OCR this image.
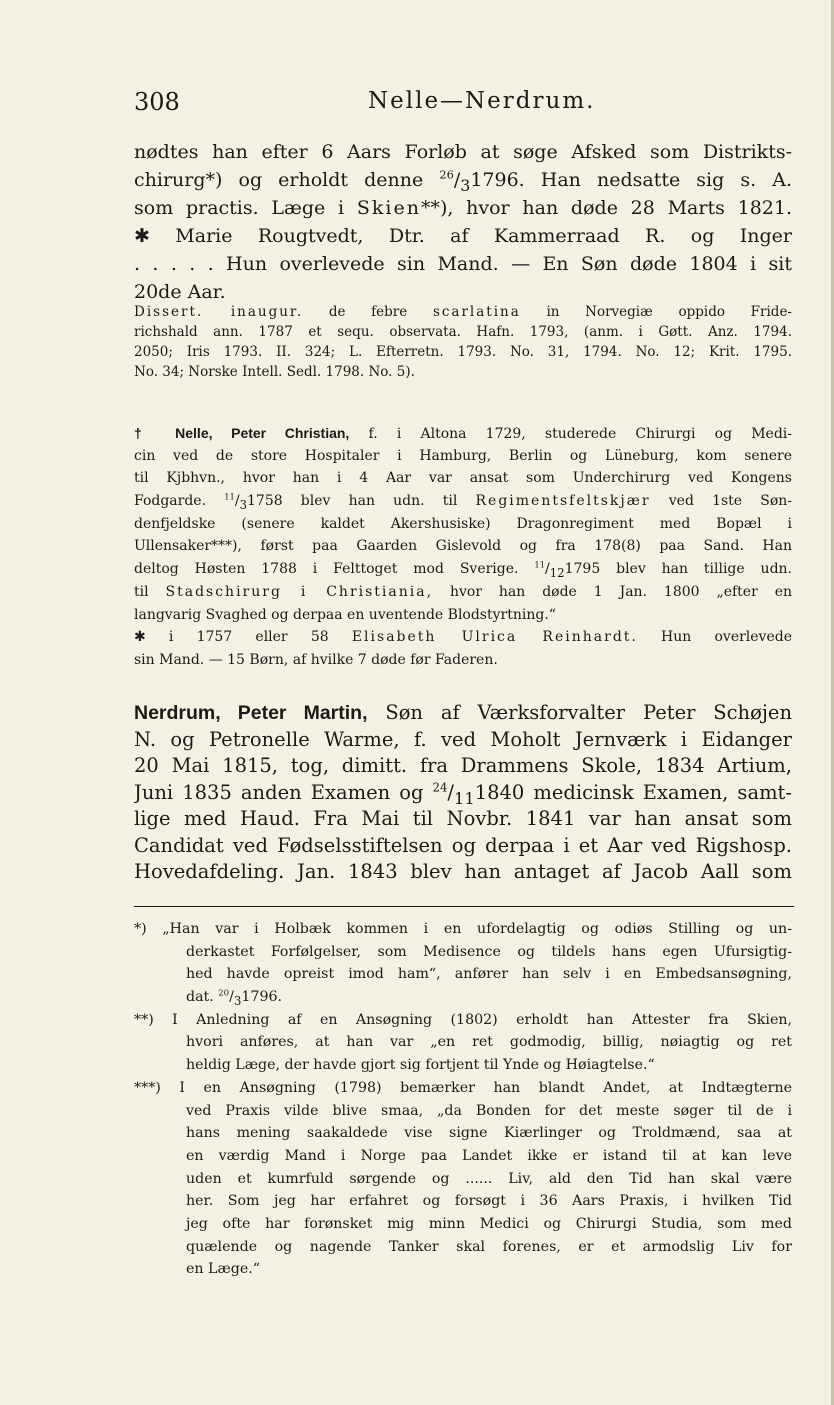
308	Nelle—Nerdrum.
nødtes han efter 6 Aars Forløb at søge Afsked som Distrikts-
chirurg*) og erholdt denne $^{26}/_31796$. Han nedsatte sig s. A.
som practis. Læge i Skien**), hvor han døde 28 Marts 1821.
✱ Marie Rougtvedt, Dtr. af Kammerraad R. og Inger
. . . . . Hun overlevede sin Mand. — En Søn døde 1804 i sit
20de Aar.
Dissert. inaugur. de febre scarlatina in Norvegiæ oppido Fride-
richshald ann. 1787 et sequ. observata. Hafn. 1793, (anm. i Gøtt. Anz. 1794.
2050; Iris 1793. II. 324; L. Efterretn. 1793. No. 31, 1794. No. 12; Krit. 1795.
No. 34; Norske Intell. Sedl. 1798. No. 5).
† Nelle, Peter Christian, f. i Altona 1729, studerede Chirurgi og Medi-
cin ved de store Hospitaler i Hamburg, Berlin og Lüneburg, kom senere
til Kjbhvn., hvor han i 4 Aar var ansat som Underchirurg ved Kongens
Fodgarde. $^{11}/_31758$ blev han udn. til Regimentsfeltskjær ved 1ste Søn-
denfjeldske (senere kaldet Akershusiske) Dragonregiment med Bopæl i
Ullensaker***), først paa Gaarden Gislevold og fra 178(8) paa Sand. Han
deltog Høsten 1788 i Felttoget mod Sverige. $^{11}/_{12}1795$ blev han tillige udn.
til Stadschirurg i Christiania, hvor han døde 1 Jan. 1800 „efter en
langvarig Svaghed og derpaa en uventende Blodstyrtning.“
✱ i 1757 eller 58 Elisabeth Ulrica Reinhardt. Hun overlevede
sin Mand. — 15 Børn, af hvilke 7 døde før Faderen.
Nerdrum, Peter Martin, Søn af Værksforvalter Peter Schøjen
N. og Petronelle Warme, f. ved Moholt Jernværk i Eidanger
20 Mai 1815, tog, dimitt. fra Drammens Skole, 1834 Artium,
Juni 1835 anden Examen og $^{24}/_{11}1840$ medicinsk Examen, samt-
lige med Haud. Fra Mai til Novbr. 1841 var han ansat som
Candidat ved Fødselsstiftelsen og derpaa i et Aar ved Rigshosp.
Hovedafdeling. Jan. 1843 blev han antaget af Jacob Aall som
*) „Han var i Holbæk kommen i en ufordelagtig og odiøs Stilling og un-
derkastet Forfølgelser, som Medisence og tildels hans egen Ufursigtig-
hed havde opreist imod ham“, anfører han selv i en Embedsansøgning,
dat. $^{20}/_31796$.
**) I Anledning af en Ansøgning (1802) erholdt han Attester fra Skien,
hvori anføres, at han var „en ret godmodig, billig, nøiagtig og ret
heldig Læge, der havde gjort sig fortjent til Ynde og Høiagtelse.“
***) I en Ansøgning (1798) bemærker han blandt Andet, at Indtægterne
ved Praxis vilde blive smaa, „da Bonden for det meste søger til de i
hans mening saakaldede vise signe Kiærlinger og Troldmænd, saa at
en værdig Mand i Norge paa Landet ikke er istand til at kan leve
uden et kumrfuld sørgende og ...... Liv, ald den Tid han skal være
her. Som jeg har erfahret og forsøgt i 36 Aars Praxis, i hvilken Tid
jeg ofte har forønsket mig minn Medici og Chirurgi Studia, som med
quælende og nagende Tanker skal forenes, er et armodslig Liv for
en Læge.“
